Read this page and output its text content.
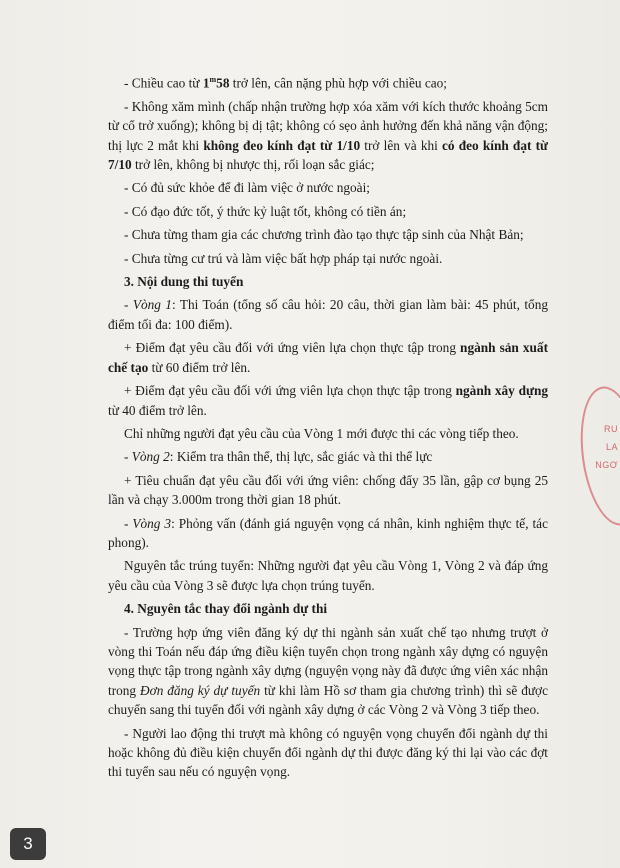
- Chiều cao từ 1$^m$58 trở lên, cân nặng phù hợp với chiều cao;

- Không xăm mình (chấp nhận trường hợp xóa xăm với kích thước khoảng 5cm từ cổ trở xuống); không bị dị tật; không có sẹo ảnh hưởng đến khả năng vận động; thị lực 2 mắt khi không đeo kính đạt từ 1/10 trở lên và khi có đeo kính đạt từ 7/10 trở lên, không bị nhược thị, rối loạn sắc giác;

- Có đủ sức khỏe để đi làm việc ở nước ngoài;

- Có đạo đức tốt, ý thức kỷ luật tốt, không có tiền án;

- Chưa từng tham gia các chương trình đào tạo thực tập sinh của Nhật Bản;

- Chưa từng cư trú và làm việc bất hợp pháp tại nước ngoài.

3. Nội dung thi tuyển

- Vòng 1: Thi Toán (tổng số câu hỏi: 20 câu, thời gian làm bài: 45 phút, tổng điểm tối đa: 100 điểm).

+ Điểm đạt yêu cầu đối với ứng viên lựa chọn thực tập trong ngành sản xuất chế tạo từ 60 điểm trở lên.

+ Điểm đạt yêu cầu đối với ứng viên lựa chọn thực tập trong ngành xây dựng từ 40 điểm trở lên.

Chỉ những người đạt yêu cầu của Vòng 1 mới được thi các vòng tiếp theo.

- Vòng 2: Kiểm tra thân thể, thị lực, sắc giác và thi thể lực

+ Tiêu chuẩn đạt yêu cầu đối với ứng viên: chống đẩy 35 lần, gập cơ bụng 25 lần và chạy 3.000m trong thời gian 18 phút.

- Vòng 3: Phỏng vấn (đánh giá nguyện vọng cá nhân, kinh nghiệm thực tế, tác phong).

Nguyên tắc trúng tuyển: Những người đạt yêu cầu Vòng 1, Vòng 2 và đáp ứng yêu cầu của Vòng 3 sẽ được lựa chọn trúng tuyển.

4. Nguyên tắc thay đổi ngành dự thi

- Trường hợp ứng viên đăng ký dự thi ngành sản xuất chế tạo nhưng trượt ở vòng thi Toán nếu đáp ứng điều kiện tuyển chọn trong ngành xây dựng có nguyện vọng thực tập trong ngành xây dựng (nguyện vọng này đã được ứng viên xác nhận trong Đơn đăng ký dự tuyển từ khi làm Hồ sơ tham gia chương trình) thì sẽ được chuyển sang thi tuyển đối với ngành xây dựng ở các Vòng 2 và Vòng 3 tiếp theo.

- Người lao động thi trượt mà không có nguyện vọng chuyển đổi ngành dự thi hoặc không đủ điều kiện chuyển đổi ngành dự thi được đăng ký thi lại vào các đợt thi tuyển sau nếu có nguyện vọng.

RU
LA
NGƠ
3
